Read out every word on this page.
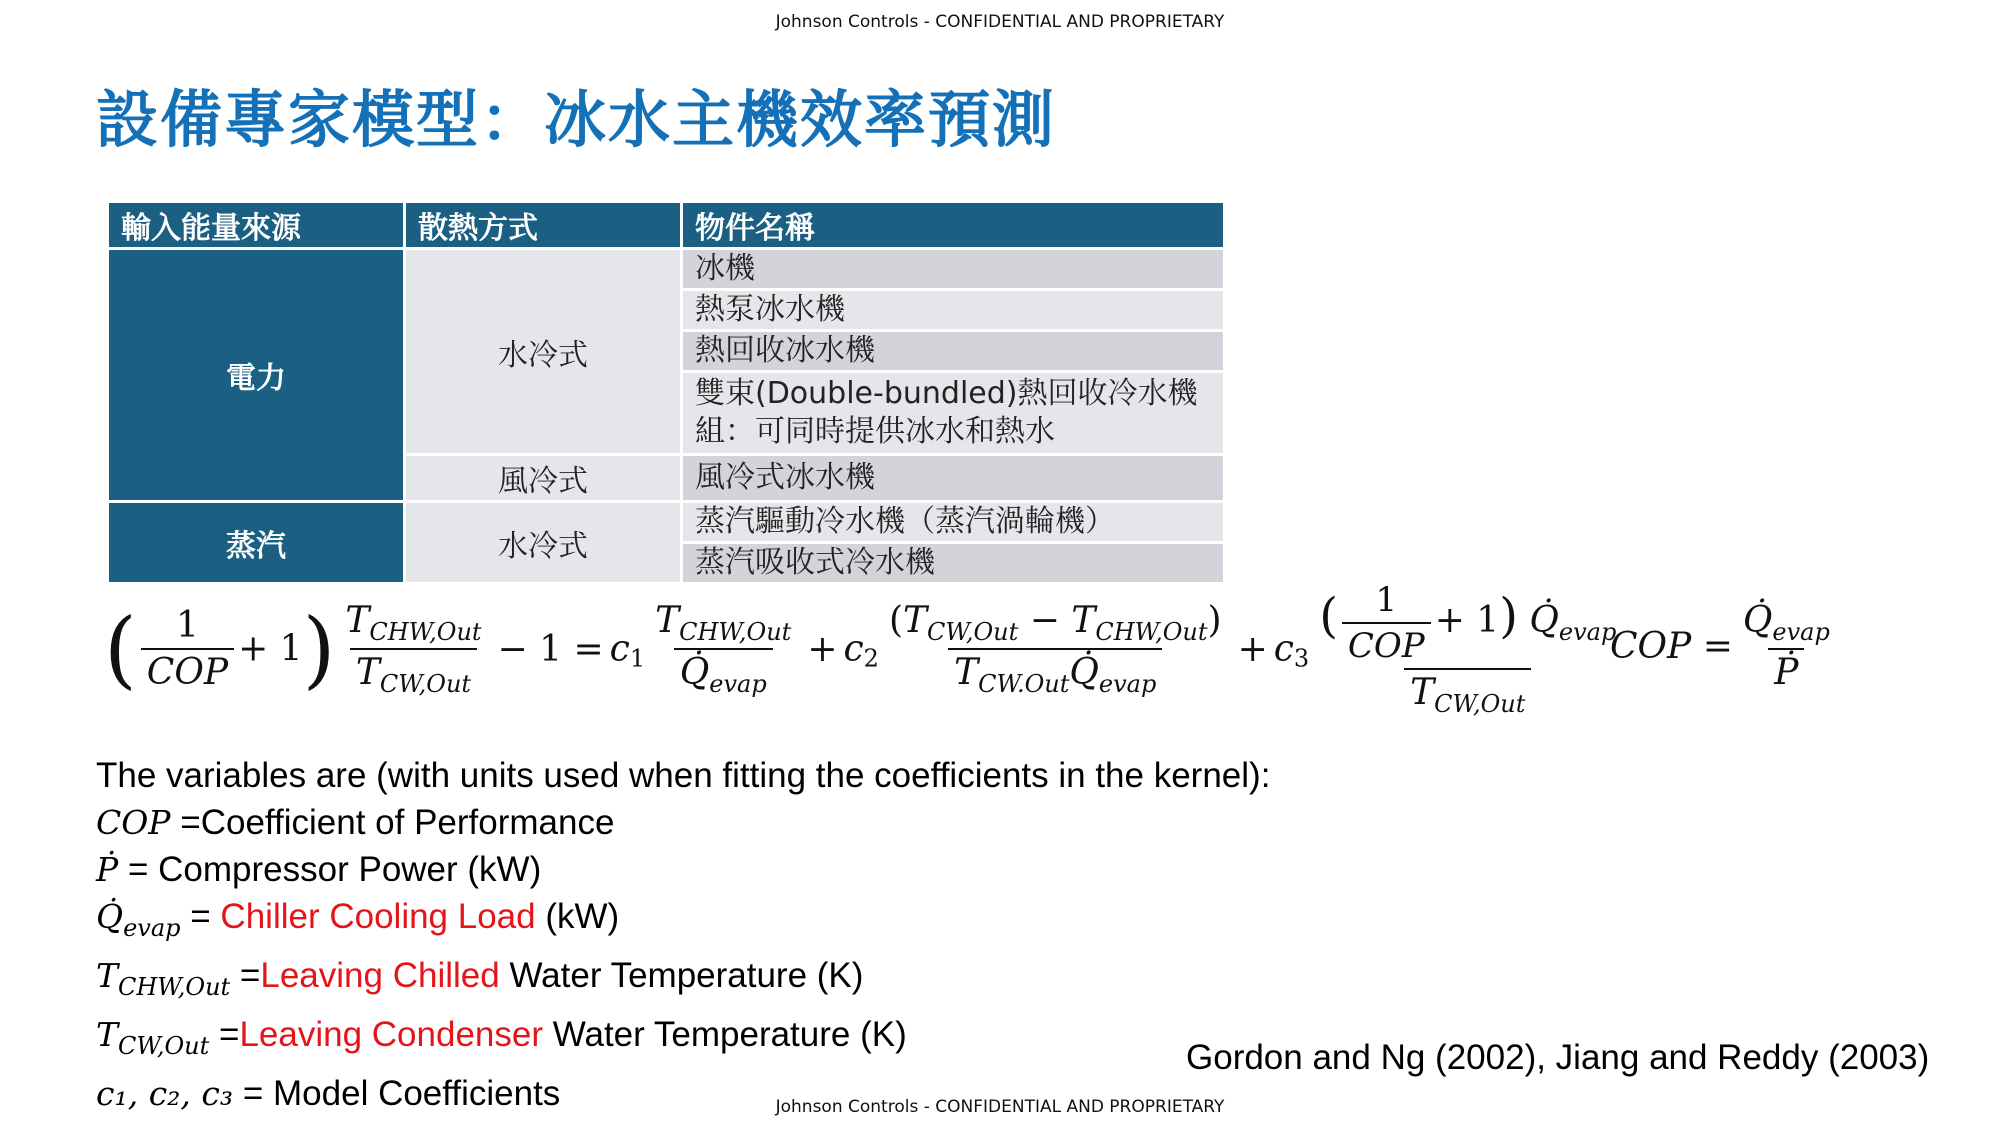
Johnson Controls - CONFIDENTIAL AND PROPRIETARY
設備專家模型：冰水主機效率預測
輸入能量來源	散熱方式	物件名稱
電力	水冷式	冰機
		熱泵冰水機
		熱回收冰水機
		雙束(Double-bundled)熱回收冷水機組：可同時提供冰水和熱水
	風冷式	風冷式冰水機
蒸汽	水冷式	蒸汽驅動冷水機（蒸汽渦輪機）
		蒸汽吸收式冷水機
( $\frac{1}{\text{COP}} + 1) \frac{T_{CHW,Out}}{T_{CW,Out}} - 1 = c_1 \frac{T_{CHW,Out}}{Q̇_{evap}} + c_2 \frac{(T_{CW,Out} - T_{CHW,Out})}{T_{CW.Out}Q̇_{evap}} + c_3 \frac{( \frac{1}{\text{COP}} + 1) Q̇_{evap}}{T_{CW,Out}}$
COP = $\frac{Q̇_{evap}}{\text{Ṗ}}$
The variables are (with units used when fitting the coefficients in the kernel):
COP =Coefficient of Performance
Ṗ = Compressor Power (kW)
$Q̇_{evap}$ = Chiller Cooling Load (kW)
$T_{CHW,Out}$ =Leaving Chilled Water Temperature (K)
$T_{CW,Out}$ =Leaving Condenser Water Temperature (K)
c₁, c₂, c₃ = Model Coefficients
Gordon and Ng (2002), Jiang and Reddy (2003)
Johnson Controls - CONFIDENTIAL AND PROPRIETARY
